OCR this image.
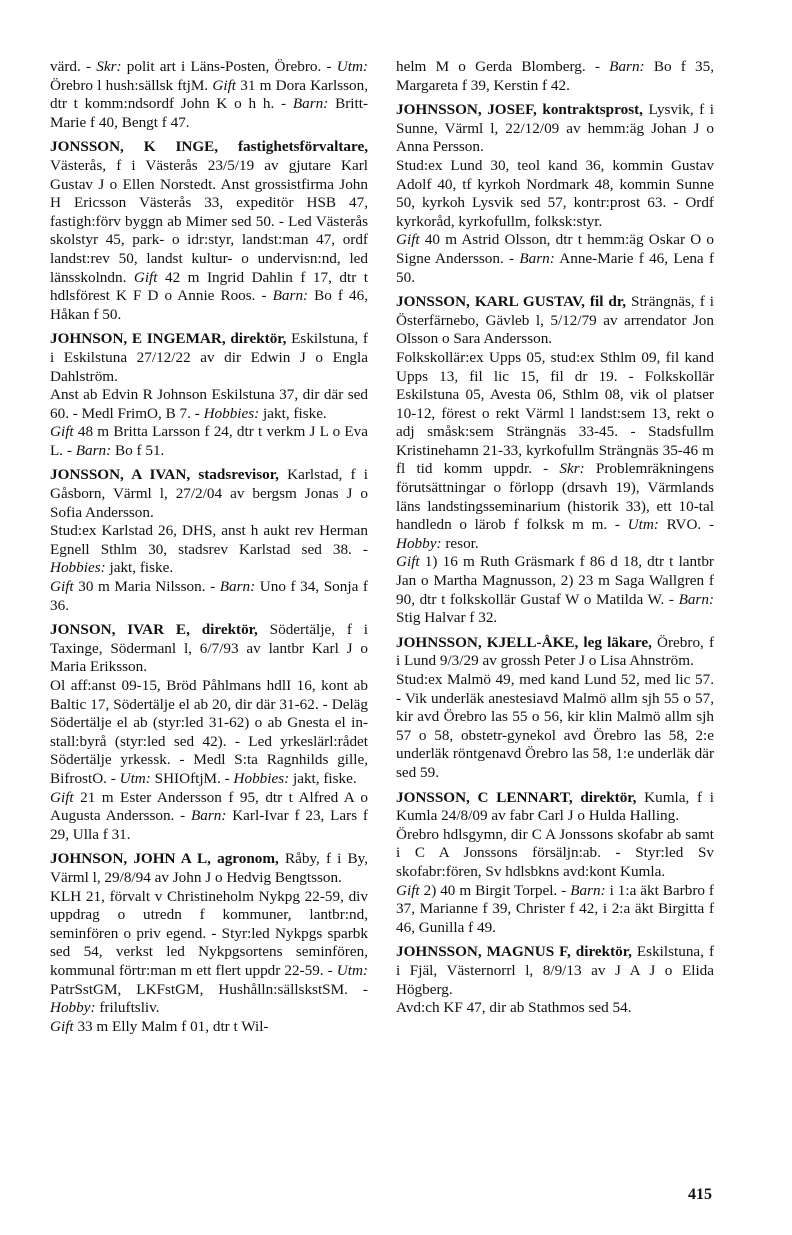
värd. - Skr: polit art i Läns-Posten, Örebro. - Utm: Örebro l hush:sällsk ftjM. Gift 31 m Dora Karlsson, dtr t komm:ndsordf John K o h h. - Barn: Britt-Marie f 40, Bengt f 47.

JONSSON, K INGE, fastighetsförvaltare, Västerås, f i Västerås 23/5/19 av gjutare Karl Gustav J o Ellen Norstedt. Anst grossistfirma John H Ericsson Västerås 33, expeditör HSB 47, fastigh:förv byggn ab Mimer sed 50. - Led Västerås skolstyr 45, park- o idr:styr, landst:man 47, ordf landst:rev 50, landst kultur- o undervisn:nd, led länsskolndn. Gift 42 m Ingrid Dahlin f 17, dtr t hdlsförest K F D o Annie Roos. - Barn: Bo f 46, Håkan f 50.

JOHNSON, E INGEMAR, direktör, Eskilstuna, f i Eskilstuna 27/12/22 av dir Edwin J o Engla Dahlström.

Anst ab Edvin R Johnson Eskilstuna 37, dir där sed 60. - Medl FrimO, B 7. - Hobbies: jakt, fiske.

Gift 48 m Britta Larsson f 24, dtr t verkm J L o Eva L. - Barn: Bo f 51.

JONSSON, A IVAN, stadsrevisor, Karlstad, f i Gåsborn, Värml l, 27/2/04 av bergsm Jonas J o Sofia Andersson.

Stud:ex Karlstad 26, DHS, anst h aukt rev Herman Egnell Sthlm 30, stadsrev Karlstad sed 38. - Hobbies: jakt, fiske.

Gift 30 m Maria Nilsson. - Barn: Uno f 34, Sonja f 36.

JONSON, IVAR E, direktör, Södertälje, f i Taxinge, Södermanl l, 6/7/93 av lantbr Karl J o Maria Eriksson.

Ol aff:anst 09-15, Bröd Påhlmans hdlI 16, kont ab Baltic 17, Södertälje el ab 20, dir där 31-62. - Deläg Södertälje el ab (styr:led 31-62) o ab Gnesta el install:byrå (styr:led sed 42). - Led yrkeslärl:rådet Södertälje yrkessk. - Medl S:ta Ragnhilds gille, BifrostO. - Utm: SHIOftjM. - Hobbies: jakt, fiske.

Gift 21 m Ester Andersson f 95, dtr t Alfred A o Augusta Andersson. - Barn: Karl-Ivar f 23, Lars f 29, Ulla f 31.

JOHNSON, JOHN A L, agronom, Råby, f i By, Värml l, 29/8/94 av John J o Hedvig Bengtsson.

KLH 21, förvalt v Christineholm Nykpg 22-59, div uppdrag o utredn f kommuner, lantbr:nd, seminfören o priv egend. - Styr:led Nykpgs sparbk sed 54, verkst led Nykpgsortens seminfören, kommunal förtr:man m ett flert uppdr 22-59. - Utm: PatrSstGM, LKFstGM, Hushålln:sällskstSM. - Hobby: friluftsliv.

Gift 33 m Elly Malm f 01, dtr t Wil-

helm M o Gerda Blomberg. - Barn: Bo f 35, Margareta f 39, Kerstin f 42.

JOHNSSON, JOSEF, kontraktsprost, Lysvik, f i Sunne, Värml l, 22/12/09 av hemm:äg Johan J o Anna Persson.

Stud:ex Lund 30, teol kand 36, kommin Gustav Adolf 40, tf kyrkoh Nordmark 48, kommin Sunne 50, kyrkoh Lysvik sed 57, kontr:prost 63. - Ordf kyrkoråd, kyrkofullm, folksk:styr.

Gift 40 m Astrid Olsson, dtr t hemm:äg Oskar O o Signe Andersson. - Barn: Anne-Marie f 46, Lena f 50.

JONSSON, KARL GUSTAV, fil dr, Strängnäs, f i Österfärnebo, Gävleb l, 5/12/79 av arrendator Jon Olsson o Sara Andersson.

Folkskollär:ex Upps 05, stud:ex Sthlm 09, fil kand Upps 13, fil lic 15, fil dr 19. - Folkskollär Eskilstuna 05, Avesta 06, Sthlm 08, vik ol platser 10-12, förest o rekt Värml l landst:sem 13, rekt o adj småsk:sem Strängnäs 33-45. - Stadsfullm Kristinehamn 21-33, kyrkofullm Strängnäs 35-46 m fl tid komm uppdr. - Skr: Problemräkningens förutsättningar o förlopp (drsavh 19), Värmlands läns landstingsseminarium (historik 33), ett 10-tal handledn o lärob f folksk m m. - Utm: RVO. - Hobby: resor.

Gift 1) 16 m Ruth Gräsmark f 86 d 18, dtr t lantbr Jan o Martha Magnusson, 2) 23 m Saga Wallgren f 90, dtr t folkskollär Gustaf W o Matilda W. - Barn: Stig Halvar f 32.

JOHNSSON, KJELL-ÅKE, leg läkare, Örebro, f i Lund 9/3/29 av grossh Peter J o Lisa Ahnström.

Stud:ex Malmö 49, med kand Lund 52, med lic 57. - Vik underläk anestesiavd Malmö allm sjh 55 o 57, kir avd Örebro las 55 o 56, kir klin Malmö allm sjh 57 o 58, obstetr-gynekol avd Örebro las 58, 2:e underläk röntgenavd Örebro las 58, 1:e underläk där sed 59.

JONSSON, C LENNART, direktör, Kumla, f i Kumla 24/8/09 av fabr Carl J o Hulda Halling.

Örebro hdlsgymn, dir C A Jonssons skofabr ab samt i C A Jonssons försäljn:ab. - Styr:led Sv skofabr:fören, Sv hdlsbkns avd:kont Kumla.

Gift 2) 40 m Birgit Torpel. - Barn: i 1:a äkt Barbro f 37, Marianne f 39, Christer f 42, i 2:a äkt Birgitta f 46, Gunilla f 49.

JOHNSSON, MAGNUS F, direktör, Eskilstuna, f i Fjäl, Västernorrl l, 8/9/13 av J A J o Elida Högberg.

Avd:ch KF 47, dir ab Stathmos sed 54.

415
